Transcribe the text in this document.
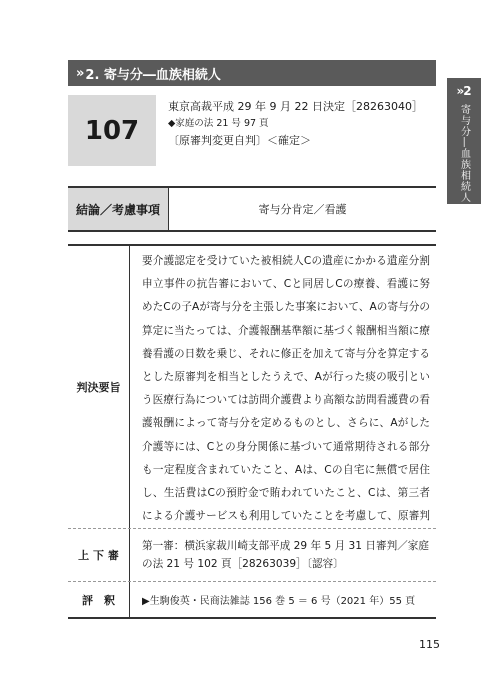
» 2. 寄与分―血族相続人
» 2
寄与分―血族相続人
107
東京高裁平成 29 年 9 月 22 日決定［28263040］
◆家庭の法 21 号 97 頁
〔原審判変更自判〕＜確定＞
結論／考慮事項	寄与分肯定／看護
判決要旨
要介護認定を受けていた被相続人Cの遺産にかかる遺産分割申立事件の抗告審において、Cと同居しCの療養、看護に努めたCの子Aが寄与分を主張した事案において、Aの寄与分の算定に当たっては、介護報酬基準額に基づく報酬相当額に療養看護の日数を乗じ、それに修正を加えて寄与分を算定するとした原審判を相当としたうえで、Aが行った痰の吸引という医療行為については訪問介護費より高額な訪問看護費の看護報酬によって寄与分を定めるものとし、さらに、Aがした介護等には、Cとの身分関係に基づいて通常期待される部分も一定程度含まれていたこと、Aは、Cの自宅に無償で居住し、生活費はCの預貯金で賄われていたこと、Cは、第三者による介護サービスも利用していたことを考慮して、原審判
上 下 審
第一審：横浜家裁川崎支部平成 29 年 5 月 31 日審判／家庭の法 21 号 102 頁［28263039］〔認容〕
評　釈	▶生駒俊英・民商法雑誌 156 巻 5 ＝ 6 号（2021 年）55 頁
115
